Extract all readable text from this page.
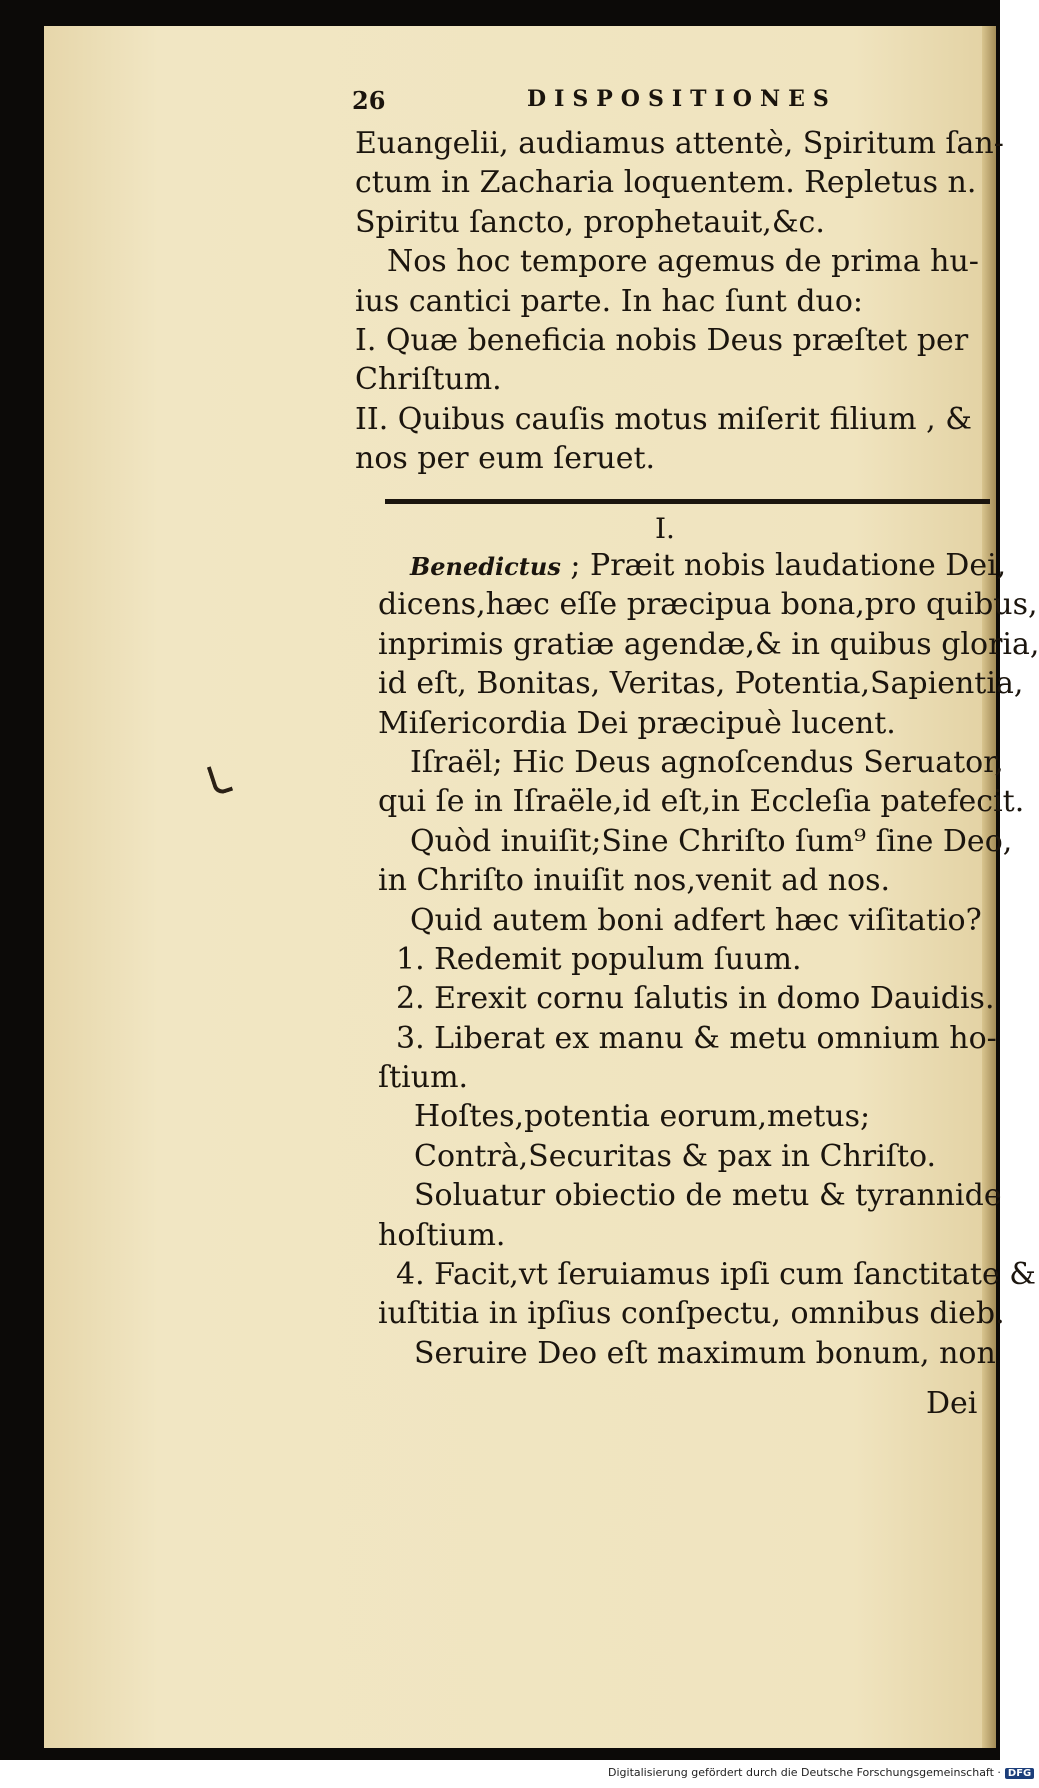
26	DISPOSITIONES
Euangelii, audiamus attentè, Spiritum ſan-
ctum in Zacharia loquentem. Repletus n.
Spiritu ſancto, prophetauit,&c.
Nos hoc tempore agemus de prima hu-
ius cantici parte. In hac ſunt duo:
I. Quæ beneficia nobis Deus præſtet per
Chriſtum.
II. Quibus cauſis motus miſerit filium , &
nos per eum ſeruet.
I.
Benedictus ; Præit nobis laudatione Dei,
dicens,hæc eſſe præcipua bona,pro quibus,
inprimis gratiæ agendæ,& in quibus gloria,
id eſt, Bonitas, Veritas, Potentia,Sapientia,
Miſericordia Dei præcipuè lucent.
Iſraël; Hic Deus agnoſcendus Seruator,
qui ſe in Iſraële,id eſt,in Eccleſia patefecit.
Quòd inuiſit;Sine Chriſto ſum⁹ ſine Deo,
in Chriſto inuiſit nos,venit ad nos.
Quid autem boni adfert hæc viſitatio?
1. Redemit populum ſuum.
2. Erexit cornu ſalutis in domo Dauidis.
3. Liberat ex manu & metu omnium ho-
ſtium.
Hoſtes,potentia eorum,metus;
Contrà,Securitas & pax in Chriſto.
Soluatur obiectio de metu & tyrannide
hoſtium.
4. Facit,vt ſeruiamus ipſi cum ſanctitate &
iuſtitia in ipſius conſpectu, omnibus dieb.
Seruire Deo eſt maximum bonum, non
Dei
Digitalisierung gefördert durch die Deutsche Forschungsgemeinschaft · DFG
